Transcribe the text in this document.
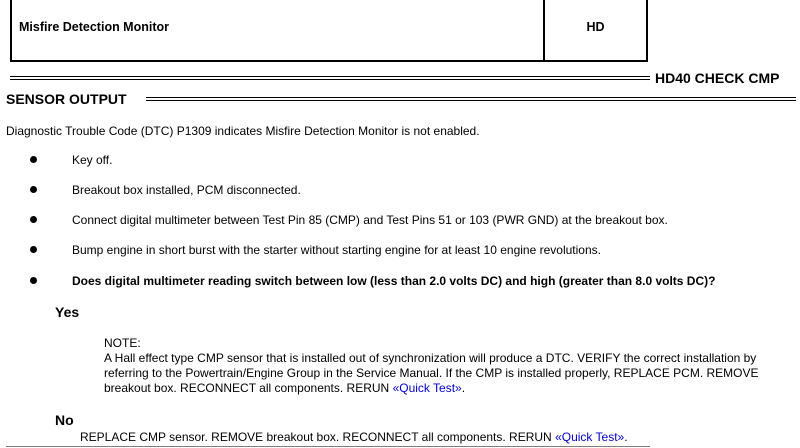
Misfire Detection Monitor	HD
HD40 CHECK CMP
SENSOR OUTPUT
Diagnostic Trouble Code (DTC) P1309 indicates Misfire Detection Monitor is not enabled.
Key off.
Breakout box installed, PCM disconnected.
Connect digital multimeter between Test Pin 85 (CMP) and Test Pins 51 or 103 (PWR GND) at the breakout box.
Bump engine in short burst with the starter without starting engine for at least 10 engine revolutions.
Does digital multimeter reading switch between low (less than 2.0 volts DC) and high (greater than 8.0 volts DC)?
Yes

NOTE:

A Hall effect type CMP sensor that is installed out of synchronization will produce a DTC. VERIFY the correct installation by referring to the Powertrain/Engine Group in the Service Manual. If the CMP is installed properly, REPLACE PCM. REMOVE breakout box. RECONNECT all components. RERUN «Quick Test».

No
REPLACE CMP sensor. REMOVE breakout box. RECONNECT all components. RERUN «Quick Test».
